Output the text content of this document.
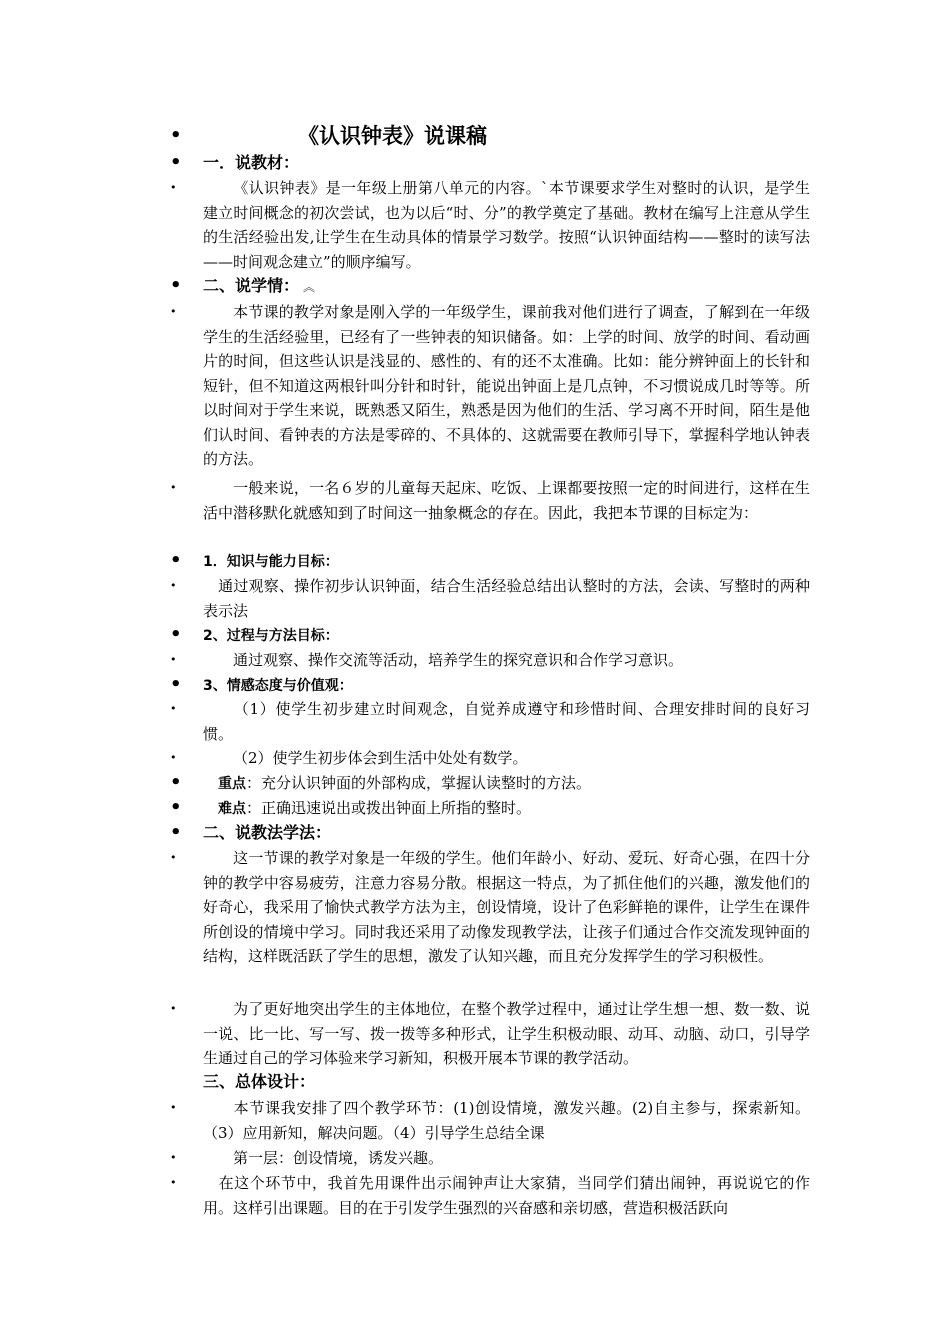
•	《认识钟表》说课稿
• 一．说教材：
•	《认识钟表》是一年级上册第八单元的内容。`本节课要求学生对整时的认识，是学生建立时间概念的初次尝试，也为以后“时、分”的教学奠定了基础。教材在编写上注意从学生的生活经验出发,让学生在生动具体的情景学习数学。按照“认识钟面结构——整时的读写法——时间观念建立”的顺序编写。
• 二、说学情： ︽
•	本节课的教学对象是刚入学的一年级学生，课前我对他们进行了调查，了解到在一年级学生的生活经验里，已经有了一些钟表的知识储备。如：上学的时间、放学的时间、看动画片的时间，但这些认识是浅显的、感性的、有的还不太准确。比如：能分辨钟面上的长针和短针，但不知道这两根针叫分针和时针，能说出钟面上是几点钟，不习惯说成几时等等。所以时间对于学生来说，既熟悉又陌生，熟悉是因为他们的生活、学习离不开时间，陌生是他们认时间、看钟表的方法是零碎的、不具体的、这就需要在教师引导下，掌握科学地认钟表的方法。
•	一般来说，一名６岁的儿童每天起床、吃饭、上课都要按照一定的时间进行，这样在生活中潜移默化就感知到了时间这一抽象概念的存在。因此，我把本节课的目标定为：
• 1．知识与能力目标：
•	通过观察、操作初步认识钟面，结合生活经验总结出认整时的方法，会读、写整时的两种表示法
• 2、过程与方法目标：
•	通过观察、操作交流等活动，培养学生的探究意识和合作学习意识。
• 3、情感态度与价值观：
•	（1）使学生初步建立时间观念，自觉养成遵守和珍惜时间、合理安排时间的良好习惯。
•	（2）使学生初步体会到生活中处处有数学。
•	重点：充分认识钟面的外部构成，掌握认读整时的方法。
•	难点：正确迅速说出或拨出钟面上所指的整时。
• 二、说教法学法：
•	这一节课的教学对象是一年级的学生。他们年龄小、好动、爱玩、好奇心强，在四十分钟的教学中容易疲劳，注意力容易分散。根据这一特点，为了抓住他们的兴趣，激发他们的好奇心，我采用了愉快式教学方法为主，创设情境，设计了色彩鲜艳的课件，让学生在课件所创设的情境中学习。同时我还采用了动像发现教学法，让孩子们通过合作交流发现钟面的结构，这样既活跃了学生的思想，激发了认知兴趣，而且充分发挥学生的学习积极性。
•	为了更好地突出学生的主体地位，在整个教学过程中，通过让学生想一想、数一数、说一说、比一比、写一写、拨一拨等多种形式，让学生积极动眼、动耳、动脑、动口，引导学生通过自己的学习体验来学习新知，积极开展本节课的教学活动。
三、总体设计：
•	本节课我安排了四个教学环节：(1)创设情境，激发兴趣。(2)自主参与，探索新知。（3）应用新知，解决问题。（4）引导学生总结全课
•	第一层：创设情境，诱发兴趣。
•	在这个环节中，我首先用课件出示闹钟声让大家猜，当同学们猜出闹钟，再说说它的作用。这样引出课题。目的在于引发学生强烈的兴奋感和亲切感，营造积极活跃向
